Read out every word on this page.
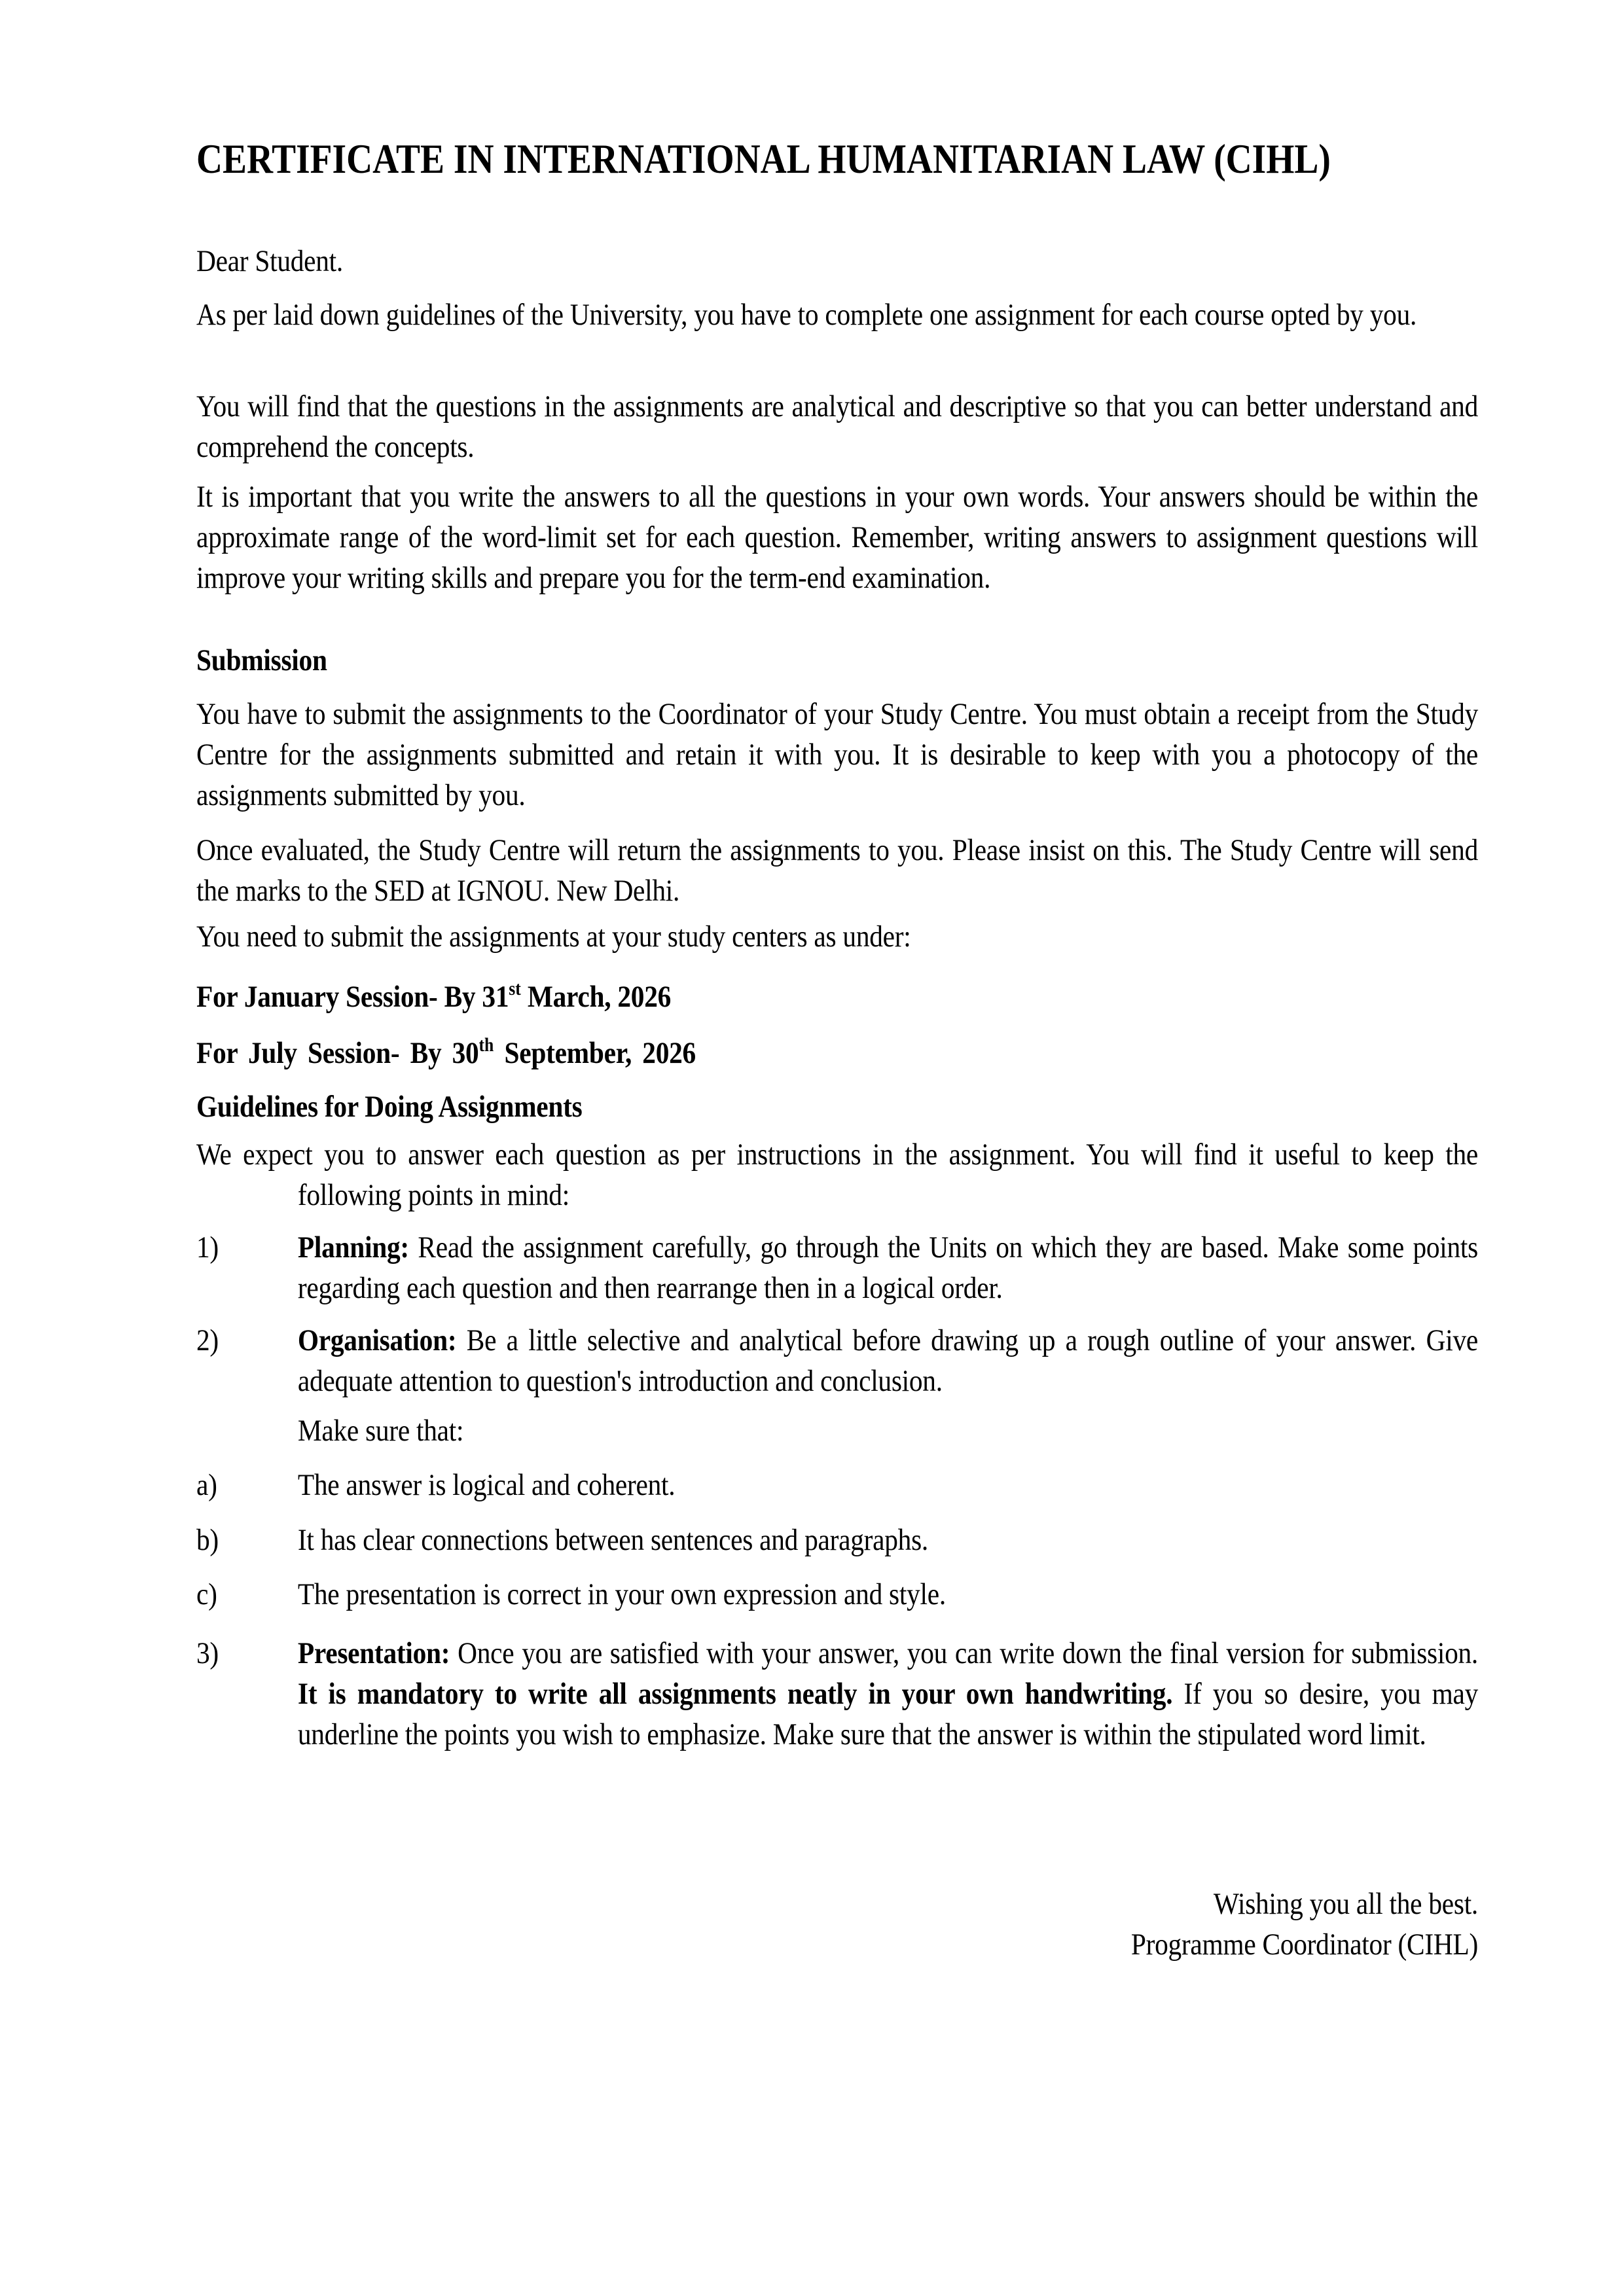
CERTIFICATE IN INTERNATIONAL HUMANITARIAN LAW (CIHL)
Dear Student.
As per laid down guidelines of the University, you have to complete one assignment for each course opted by you.
You will find that the questions in the assignments are analytical and descriptive so that you can better understand and comprehend the concepts.
It is important that you write the answers to all the questions in your own words. Your answers should be within the approximate range of the word-limit set for each question. Remember, writing answers to assignment questions will improve your writing skills and prepare you for the term-end examination.
Submission
You have to submit the assignments to the Coordinator of your Study Centre. You must obtain a receipt from the Study Centre for the assignments submitted and retain it with you. It is desirable to keep with you a photocopy of the assignments submitted by you.
Once evaluated, the Study Centre will return the assignments to you. Please insist on this. The Study Centre will send the marks to the SED at IGNOU. New Delhi.
You need to submit the assignments at your study centers as under:
For January Session- By 31st March, 2026
For July Session- By 30th September, 2026
Guidelines for Doing Assignments
We expect you to answer each question as per instructions in the assignment. You will find it useful to keep the following points in mind:
1)	Planning: Read the assignment carefully, go through the Units on which they are based. Make some points regarding each question and then rearrange then in a logical order.
2)	Organisation: Be a little selective and analytical before drawing up a rough outline of your answer. Give adequate attention to question's introduction and conclusion.
Make sure that:
a)	The answer is logical and coherent.
b)	It has clear connections between sentences and paragraphs.
c)	The presentation is correct in your own expression and style.
3)	Presentation: Once you are satisfied with your answer, you can write down the final version for submission. It is mandatory to write all assignments neatly in your own handwriting. If you so desire, you may underline the points you wish to emphasize. Make sure that the answer is within the stipulated word limit.
Wishing you all the best.
Programme Coordinator (CIHL)
